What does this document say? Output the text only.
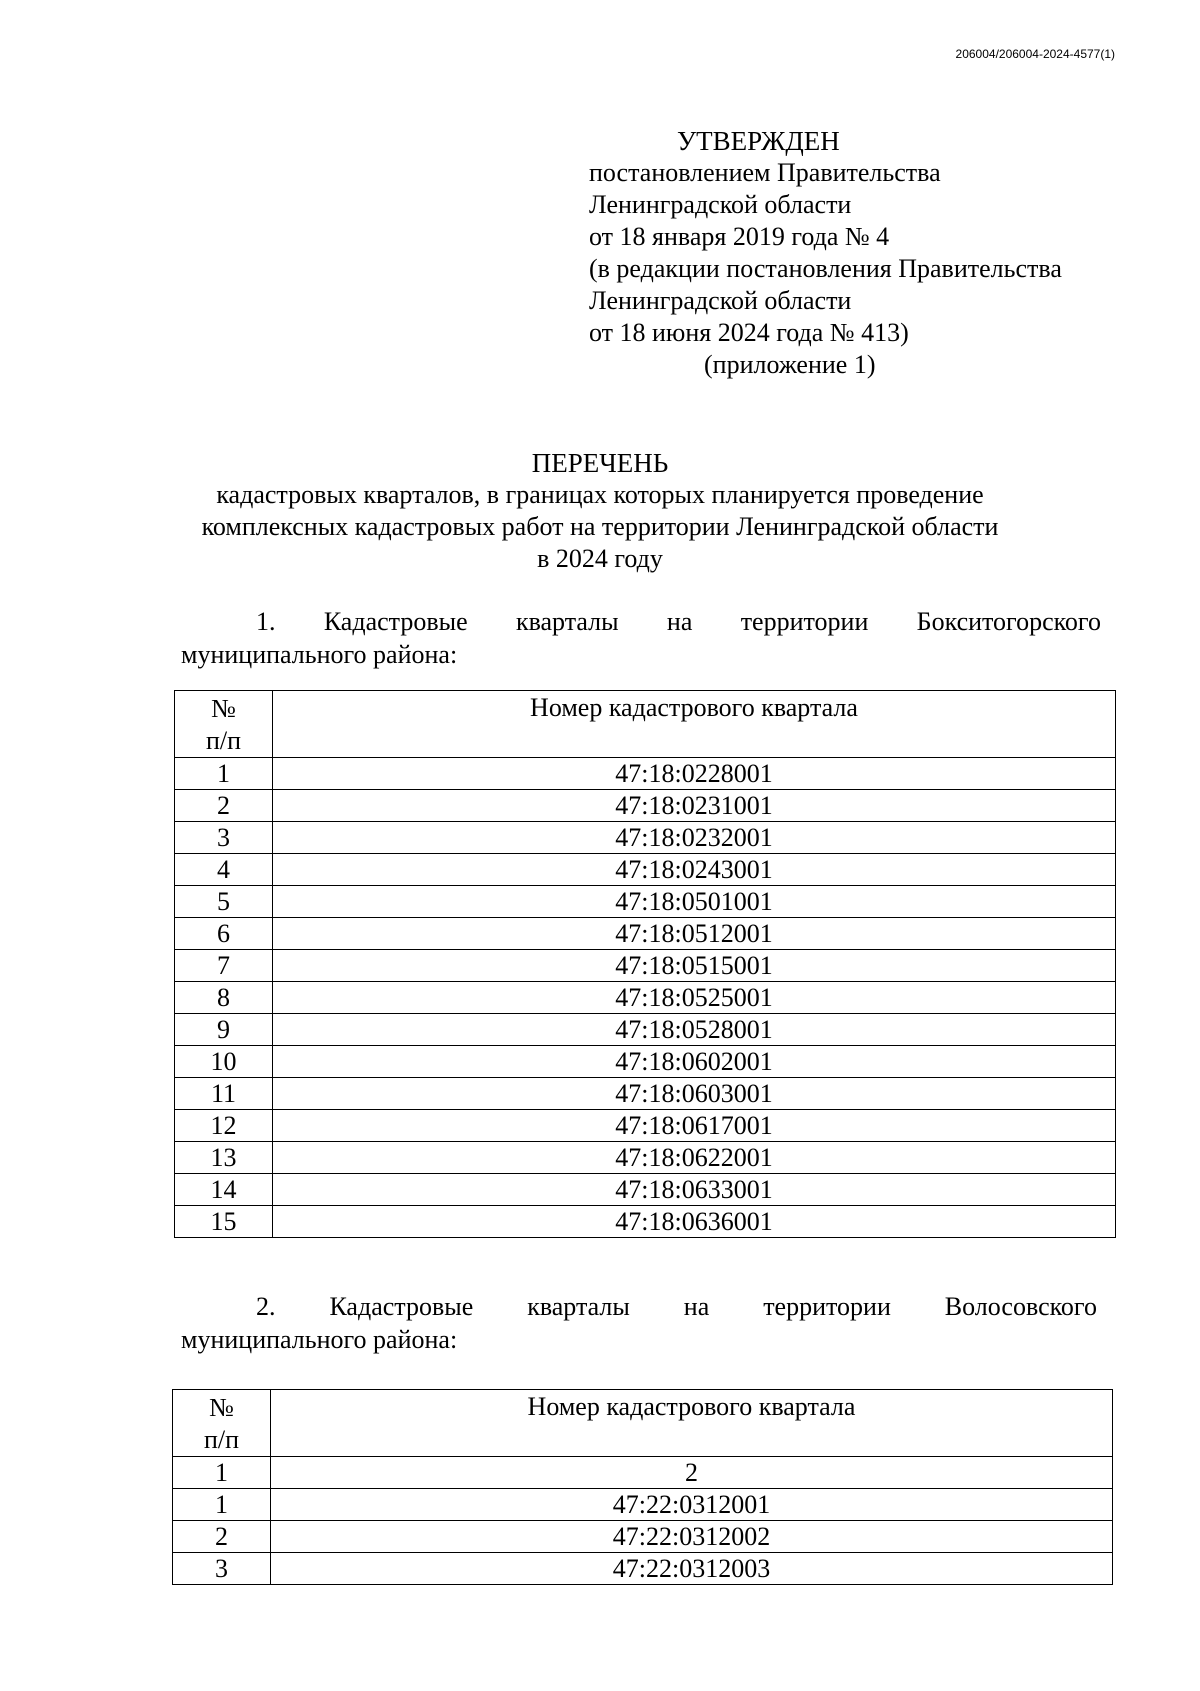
206004/206004-2024-4577(1)
УТВЕРЖДЕН
постановлением Правительства
Ленинградской области
от 18 января 2019 года № 4
(в редакции постановления Правительства
Ленинградской области
от 18 июня 2024 года № 413)
(приложение 1)
ПЕРЕЧЕНЬ
кадастровых кварталов, в границах которых планируется проведение
комплексных кадастровых работ на территории Ленинградской области
в 2024 году
1. Кадастровые кварталы на территории Бокситогорского
муниципального района:
№
п/п	Номер кадастрового квартала
1	47:18:0228001
2	47:18:0231001
3	47:18:0232001
4	47:18:0243001
5	47:18:0501001
6	47:18:0512001
7	47:18:0515001
8	47:18:0525001
9	47:18:0528001
10	47:18:0602001
11	47:18:0603001
12	47:18:0617001
13	47:18:0622001
14	47:18:0633001
15	47:18:0636001
2. Кадастровые кварталы на территории Волосовского
муниципального района:
№
п/п	Номер кадастрового квартала
1	2
1	47:22:0312001
2	47:22:0312002
3	47:22:0312003
